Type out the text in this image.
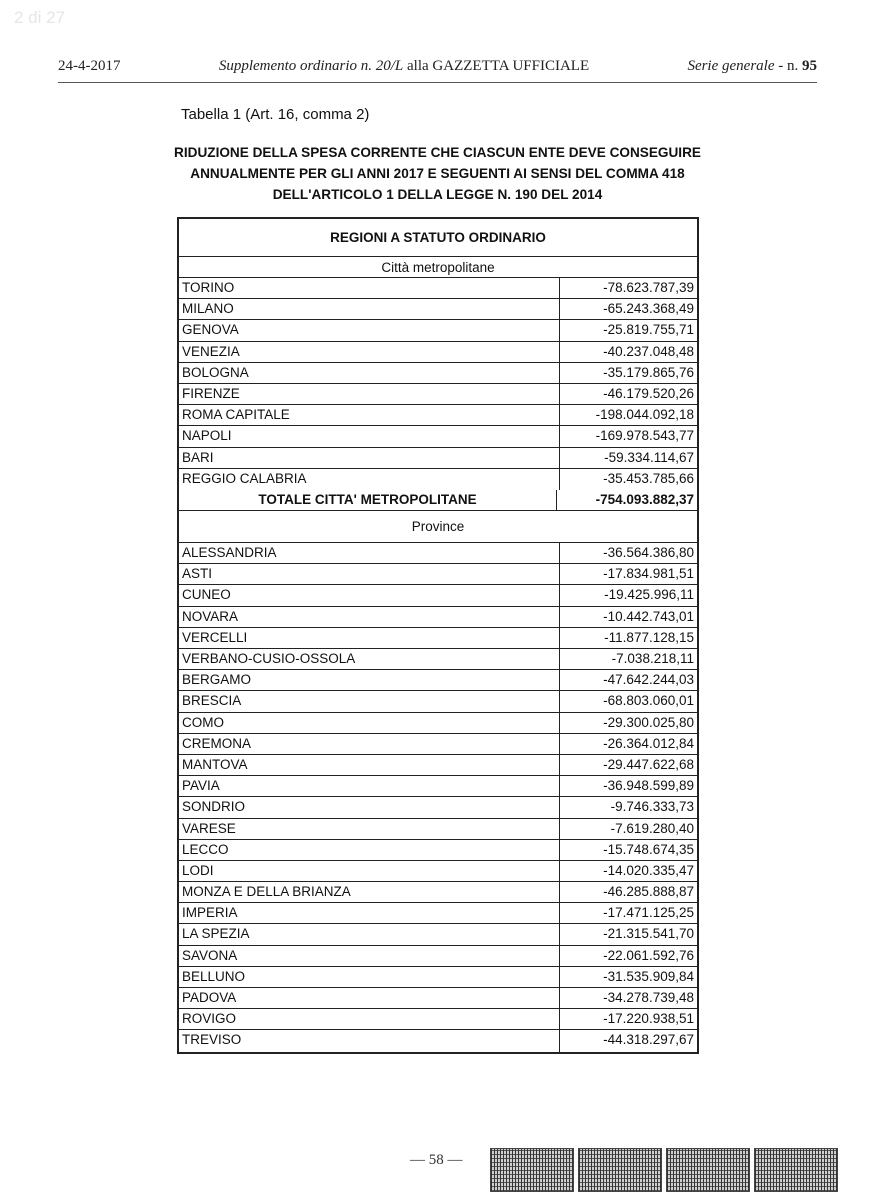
2 di 27
24-4-2017	Supplemento ordinario n. 20/L alla GAZZETTA UFFICIALE	Serie generale - n. 95
Tabella 1 (Art. 16, comma 2)
RIDUZIONE DELLA SPESA CORRENTE CHE CIASCUN ENTE DEVE CONSEGUIRE
ANNUALMENTE PER GLI ANNI 2017 E SEGUENTI AI SENSI DEL COMMA 418
DELL'ARTICOLO 1 DELLA LEGGE N. 190 DEL 2014
REGIONI A STATUTO ORDINARIO
Città metropolitane
TORINO	-78.623.787,39
MILANO	-65.243.368,49
GENOVA	-25.819.755,71
VENEZIA	-40.237.048,48
BOLOGNA	-35.179.865,76
FIRENZE	-46.179.520,26
ROMA CAPITALE	-198.044.092,18
NAPOLI	-169.978.543,77
BARI	-59.334.114,67
REGGIO CALABRIA	-35.453.785,66
TOTALE CITTA' METROPOLITANE	-754.093.882,37
Province
ALESSANDRIA	-36.564.386,80
ASTI	-17.834.981,51
CUNEO	-19.425.996,11
NOVARA	-10.442.743,01
VERCELLI	-11.877.128,15
VERBANO-CUSIO-OSSOLA	-7.038.218,11
BERGAMO	-47.642.244,03
BRESCIA	-68.803.060,01
COMO	-29.300.025,80
CREMONA	-26.364.012,84
MANTOVA	-29.447.622,68
PAVIA	-36.948.599,89
SONDRIO	-9.746.333,73
VARESE	-7.619.280,40
LECCO	-15.748.674,35
LODI	-14.020.335,47
MONZA E DELLA BRIANZA	-46.285.888,87
IMPERIA	-17.471.125,25
LA SPEZIA	-21.315.541,70
SAVONA	-22.061.592,76
BELLUNO	-31.535.909,84
PADOVA	-34.278.739,48
ROVIGO	-17.220.938,51
TREVISO	-44.318.297,67
— 58 —
